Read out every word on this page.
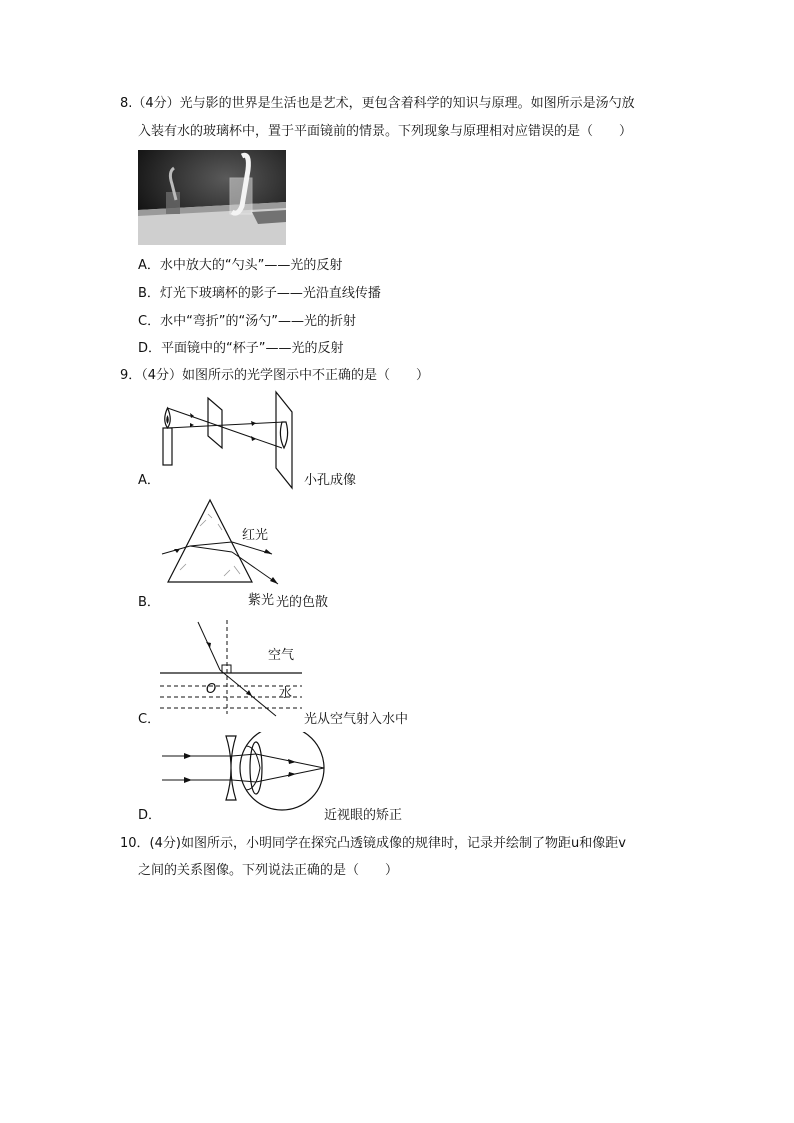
8.（4分）光与影的世界是生活也是艺术，更包含着科学的知识与原理。如图所示是汤勺放
入装有水的玻璃杯中，置于平面镜前的情景。下列现象与原理相对应错误的是（　　）
A．水中放大的“勺头”——光的反射
B．灯光下玻璃杯的影子——光沿直线传播
C．水中“弯折”的“汤勺”——光的折射
D．平面镜中的“杯子”——光的反射
9．（4分）如图所示的光学图示中不正确的是（　　）
A．	小孔成像
红光
紫光 光的色散
B．
空气
O	水
C．	光从空气射入水中
D．	近视眼的矫正
10．(4分)如图所示，小明同学在探究凸透镜成像的规律时，记录并绘制了物距u和像距v
之间的关系图像。下列说法正确的是（　　）
